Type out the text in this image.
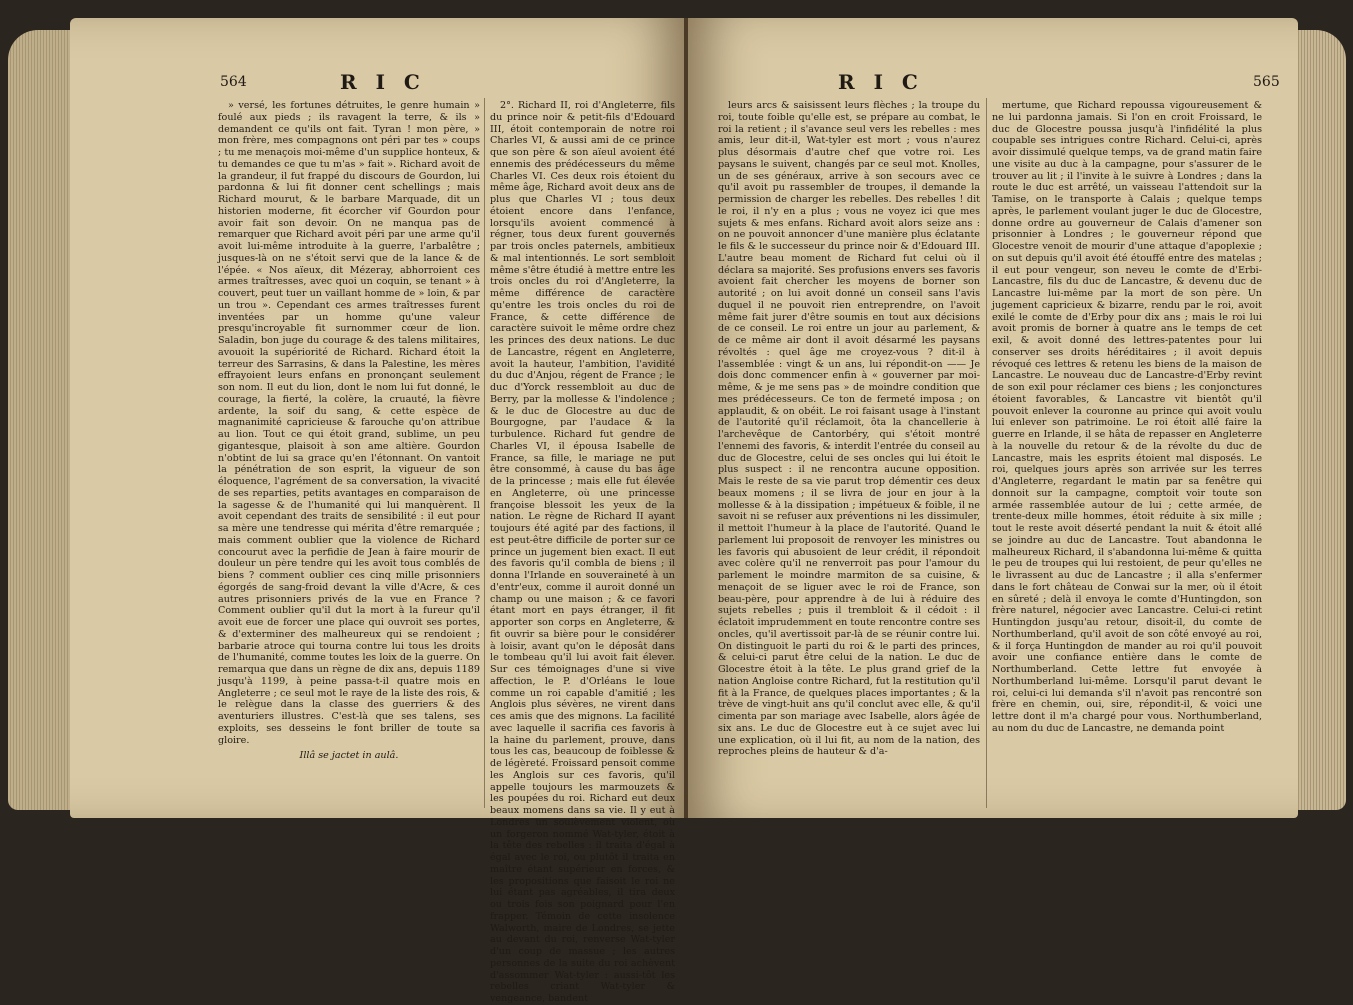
564	R I C

» versé, les fortunes détruites, le genre humain » foulé aux pieds ; ils ravagent la terre, & ils » demandent ce qu'ils ont fait. Tyran ! mon père, » mon frère, mes compagnons ont péri par tes » coups ; tu me menaçois moi-même d'un supplice honteux, & tu demandes ce que tu m'as » fait ». Richard avoit de la grandeur, il fut frappé du discours de Gourdon, lui pardonna & lui fit donner cent schellings ; mais Richard mourut, & le barbare Marquade, dit un historien moderne, fit écorcher vif Gourdon pour avoir fait son devoir. On ne manqua pas de remarquer que Richard avoit péri par une arme qu'il avoit lui-même introduite à la guerre, l'arbalêtre ; jusques-là on ne s'étoit servi que de la lance & de l'épée. « Nos aïeux, dit Mézeray, abhorroient ces armes traîtresses, avec quoi un coquin, se tenant » à couvert, peut tuer un vaillant homme de » loin, & par un trou ». Cependant ces armes traîtresses furent inventées par un homme qu'une valeur presqu'incroyable fit surnommer cœur de lion. Saladin, bon juge du courage & des talens militaires, avouoit la supériorité de Richard. Richard étoit la terreur des Sarrasins, & dans la Palestine, les mères effrayoient leurs enfans en prononçant seulement son nom. Il eut du lion, dont le nom lui fut donné, le courage, la fierté, la colère, la cruauté, la fièvre ardente, la soif du sang, & cette espèce de magnanimité capricieuse & farouche qu'on attribue au lion. Tout ce qui étoit grand, sublime, un peu gigantesque, plaisoit à son ame altière. Gourdon n'obtint de lui sa grace qu'en l'étonnant. On vantoit la pénétration de son esprit, la vigueur de son éloquence, l'agrément de sa conversation, la vivacité de ses reparties, petits avantages en comparaison de la sagesse & de l'humanité qui lui manquèrent. Il avoit cependant des traits de sensibilité : il eut pour sa mère une tendresse qui mérita d'être remarquée ; mais comment oublier que la violence de Richard concourut avec la perfidie de Jean à faire mourir de douleur un père tendre qui les avoit tous comblés de biens ? comment oublier ces cinq mille prisonniers égorgés de sang-froid devant la ville d'Acre, & ces autres prisonniers privés de la vue en France ? Comment oublier qu'il dut la mort à la fureur qu'il avoit eue de forcer une place qui ouvroit ses portes, & d'exterminer des malheureux qui se rendoient ; barbarie atroce qui tourna contre lui tous les droits de l'humanité, comme toutes les loix de la guerre. On remarqua que dans un règne de dix ans, depuis 1189 jusqu'à 1199, à peine passa-t-il quatre mois en Angleterre ; ce seul mot le raye de la liste des rois, & le relègue dans la classe des guerriers & des aventuriers illustres. C'est-là que ses talens, ses exploits, ses desseins le font briller de toute sa gloire.

Illâ se jactet in aulâ.

2°. Richard II, roi d'Angleterre, fils du prince noir & petit-fils d'Edouard III, étoit contemporain de notre roi Charles VI, & aussi ami de ce prince que son père & son aïeul avoient été ennemis des prédécesseurs du même Charles VI. Ces deux rois étoient du même âge, Richard avoit deux ans de plus que Charles VI ; tous deux étoient encore dans l'enfance, lorsqu'ils avoient commencé à régner, tous deux furent gouvernés par trois oncles paternels, ambitieux & mal intentionnés. Le sort sembloit même s'être étudié à mettre entre les trois oncles du roi d'Angleterre, la même différence de caractère qu'entre les trois oncles du roi de France, & cette différence de caractère suivoit le même ordre chez les princes des deux nations. Le duc de Lancastre, régent en Angleterre, avoit la hauteur, l'ambition, l'avidité du duc d'Anjou, régent de France ; le duc d'Yorck ressembloit au duc de Berry, par la mollesse & l'indolence ; & le duc de Glocestre au duc de Bourgogne, par l'audace & la turbulence. Richard fut gendre de Charles VI, il épousa Isabelle de France, sa fille, le mariage ne put être consommé, à cause du bas âge de la princesse ; mais elle fut élevée en Angleterre, où une princesse françoise blessoit les yeux de la nation. Le règne de Richard II ayant toujours été agité par des factions, il est peut-être difficile de porter sur ce prince un jugement bien exact. Il eut des favoris qu'il combla de biens ; il donna l'Irlande en souveraineté à un d'entr'eux, comme il auroit donné un champ ou une maison ; & ce favori étant mort en pays étranger, il fit apporter son corps en Angleterre, & fit ouvrir sa bière pour le considérer à loisir, avant qu'on le déposât dans le tombeau qu'il lui avoit fait élever. Sur ces témoignages d'une si vive affection, le P. d'Orléans le loue comme un roi capable d'amitié ; les Anglois plus sévères, ne virent dans ces amis que des mignons. La facilité avec laquelle il sacrifia ces favoris à la haine du parlement, prouve, dans tous les cas, beaucoup de foiblesse & de légèreté. Froissard pensoit comme les Anglois sur ces favoris, qu'il appelle toujours les marmouzets & les poupées du roi. Richard eut deux beaux momens dans sa vie. Il y eut à Londres un soulèvement violent, où un forgeron nommé Wat-tyler, étoit à la tête des rebelles : il traita d'égal à égal avec le roi, ou plutôt il traita en maître étant supérieur en forces, & les propositions que faisoit le roi ne lui étant pas agréables, il tira deux ou trois fois son poignard pour l'en frapper. Témoin de cette insolence Walworth, maire de Londres, se jette au devant du roi, renverse Wat-tyler d'un coup de massue ; les autres personnes de la suite du roi achèvent d'assommer Wat-tyler : aussi-tôt les rebelles criant Wat-tyler & vengeance, bandent

R I C	565

leurs arcs & saisissent leurs flèches ; la troupe du roi, toute foible qu'elle est, se prépare au combat, le roi la retient ; il s'avance seul vers les rebelles : mes amis, leur dit-il, Wat-tyler est mort ; vous n'aurez plus désormais d'autre chef que votre roi. Les paysans le suivent, changés par ce seul mot. Knolles, un de ses généraux, arrive à son secours avec ce qu'il avoit pu rassembler de troupes, il demande la permission de charger les rebelles. Des rebelles ! dit le roi, il n'y en a plus ; vous ne voyez ici que mes sujets & mes enfans. Richard avoit alors seize ans : on ne pouvoit annoncer d'une manière plus éclatante le fils & le successeur du prince noir & d'Edouard III. L'autre beau moment de Richard fut celui où il déclara sa majorité. Ses profusions envers ses favoris avoient fait chercher les moyens de borner son autorité ; on lui avoit donné un conseil sans l'avis duquel il ne pouvoit rien entreprendre, on l'avoit même fait jurer d'être soumis en tout aux décisions de ce conseil. Le roi entre un jour au parlement, & de ce même air dont il avoit désarmé les paysans révoltés : quel âge me croyez-vous ? dit-il à l'assemblée : vingt & un ans, lui répondit-on —— Je dois donc commencer enfin à « gouverner par moi-même, & je me sens pas » de moindre condition que mes prédécesseurs. Ce ton de fermeté imposa ; on applaudit, & on obéit. Le roi faisant usage à l'instant de l'autorité qu'il réclamoit, ôta la chancellerie à l'archevêque de Cantorbéry, qui s'étoit montré l'ennemi des favoris, & interdit l'entrée du conseil au duc de Glocestre, celui de ses oncles qui lui étoit le plus suspect : il ne rencontra aucune opposition. Mais le reste de sa vie parut trop démentir ces deux beaux momens ; il se livra de jour en jour à la mollesse & à la dissipation ; impétueux & foible, il ne savoit ni se refuser aux préventions ni les dissimuler, il mettoit l'humeur à la place de l'autorité. Quand le parlement lui proposoit de renvoyer les ministres ou les favoris qui abusoient de leur crédit, il répondoit avec colère qu'il ne renverroit pas pour l'amour du parlement le moindre marmiton de sa cuisine, & menaçoit de se liguer avec le roi de France, son beau-père, pour apprendre à de lui à réduire des sujets rebelles ; puis il trembloit & il cédoit : il éclatoit imprudemment en toute rencontre contre ses oncles, qu'il avertissoit par-là de se réunir contre lui. On distinguoit le parti du roi & le parti des princes, & celui-ci parut être celui de la nation. Le duc de Glocestre étoit à la tête. Le plus grand grief de la nation Angloise contre Richard, fut la restitution qu'il fit à la France, de quelques places importantes ; & la trève de vingt-huit ans qu'il conclut avec elle, & qu'il cimenta par son mariage avec Isabelle, alors âgée de six ans. Le duc de Glocestre eut à ce sujet avec lui une explication, où il lui fit, au nom de la nation, des reproches pleins de hauteur & d'a-

mertume, que Richard repoussa vigoureusement & ne lui pardonna jamais. Si l'on en croit Froissard, le duc de Glocestre poussa jusqu'à l'infidélité la plus coupable ses intrigues contre Richard. Celui-ci, après avoir dissimulé quelque temps, va de grand matin faire une visite au duc à la campagne, pour s'assurer de le trouver au lit ; il l'invite à le suivre à Londres ; dans la route le duc est arrêté, un vaisseau l'attendoit sur la Tamise, on le transporte à Calais ; quelque temps après, le parlement voulant juger le duc de Glocestre, donne ordre au gouverneur de Calais d'amener son prisonnier à Londres ; le gouverneur répond que Glocestre venoit de mourir d'une attaque d'apoplexie ; on sut depuis qu'il avoit été étouffé entre des matelas ; il eut pour vengeur, son neveu le comte de d'Erbi-Lancastre, fils du duc de Lancastre, & devenu duc de Lancastre lui-même par la mort de son père. Un jugement capricieux & bizarre, rendu par le roi, avoit exilé le comte de d'Erby pour dix ans ; mais le roi lui avoit promis de borner à quatre ans le temps de cet exil, & avoit donné des lettres-patentes pour lui conserver ses droits héréditaires ; il avoit depuis révoqué ces lettres & retenu les biens de la maison de Lancastre. Le nouveau duc de Lancastre-d'Erby revint de son exil pour réclamer ces biens ; les conjonctures étoient favorables, & Lancastre vit bientôt qu'il pouvoit enlever la couronne au prince qui avoit voulu lui enlever son patrimoine. Le roi étoit allé faire la guerre en Irlande, il se hâta de repasser en Angleterre à la nouvelle du retour & de la révolte du duc de Lancastre, mais les esprits étoient mal disposés. Le roi, quelques jours après son arrivée sur les terres d'Angleterre, regardant le matin par sa fenêtre qui donnoit sur la campagne, comptoit voir toute son armée rassemblée autour de lui ; cette armée, de trente-deux mille hommes, étoit réduite à six mille ; tout le reste avoit déserté pendant la nuit & étoit allé se joindre au duc de Lancastre. Tout abandonna le malheureux Richard, il s'abandonna lui-même & quitta le peu de troupes qui lui restoient, de peur qu'elles ne le livrassent au duc de Lancastre ; il alla s'enfermer dans le fort château de Conwai sur la mer, où il étoit en sûreté ; delà il envoya le comte d'Huntingdon, son frère naturel, négocier avec Lancastre. Celui-ci retint Huntingdon jusqu'au retour, disoit-il, du comte de Northumberland, qu'il avoit de son côté envoyé au roi, & il força Huntingdon de mander au roi qu'il pouvoit avoir une confiance entière dans le comte de Northumberland. Cette lettre fut envoyée à Northumberland lui-même. Lorsqu'il parut devant le roi, celui-ci lui demanda s'il n'avoit pas rencontré son frère en chemin, oui, sire, répondit-il, & voici une lettre dont il m'a chargé pour vous. Northumberland, au nom du duc de Lancastre, ne demanda point
